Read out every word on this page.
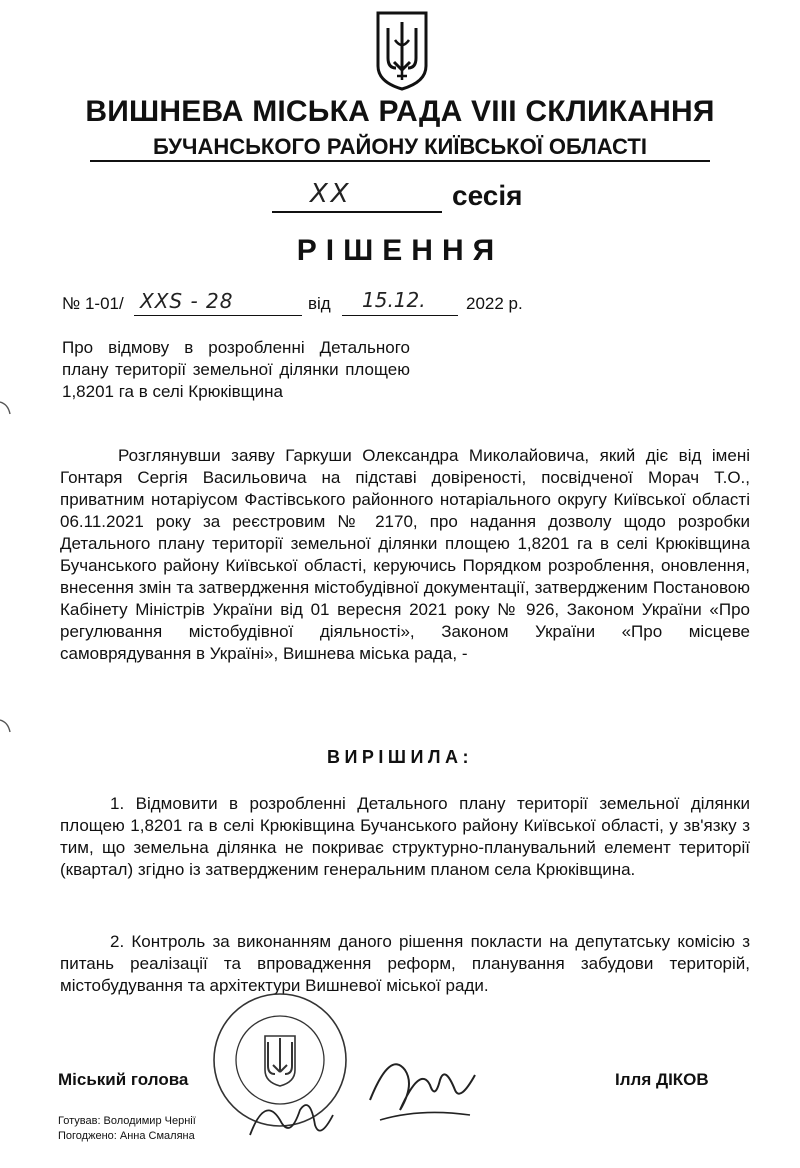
ВИШНЕВА МІСЬКА РАДА VIII СКЛИКАННЯ
БУЧАНСЬКОГО РАЙОНУ КИЇВСЬКОЇ ОБЛАСТІ
XX	сесія
РІШЕННЯ
№ 1-01/ XXЅ - 28	від 15.12. 2022 р.
Про відмову в розробленні Детального плану території земельної ділянки площею 1,8201 га в селі Крюківщина

Розглянувши заяву Гаркуши Олександра Миколайовича, який діє від імені Гонтаря Сергія Васильовича на підставі довіреності, посвідченої Морач Т.О., приватним нотаріусом Фастівського районного нотаріального округу Київської області 06.11.2021 року за реєстровим № 2170, про надання дозволу щодо розробки Детального плану території земельної ділянки площею 1,8201 га в селі Крюківщина Бучанського району Київської області, керуючись Порядком розроблення, оновлення, внесення змін та затвердження містобудівної документації, затвердженим Постановою Кабінету Міністрів України від 01 вересня 2021 року № 926, Законом України «Про регулювання містобудівної діяльності», Законом України «Про місцеве самоврядування в Україні», Вишнева міська рада, -

ВИРІШИЛА:

1. Відмовити в розробленні Детального плану території земельної ділянки площею 1,8201 га в селі Крюківщина Бучанського району Київської області, у зв'язку з тим, що земельна ділянка не покриває структурно-планувальний елемент території (квартал) згідно із затвердженим генеральним планом села Крюківщина.

2. Контроль за виконанням даного рішення покласти на депутатську комісію з питань реалізації та впровадження реформ, планування забудови територій, містобудування та архітектури Вишневої міської ради.

Міський голова	Ілля ДІКОВ
Готував: Володимир Чернії
Погоджено: Анна Смаляна
